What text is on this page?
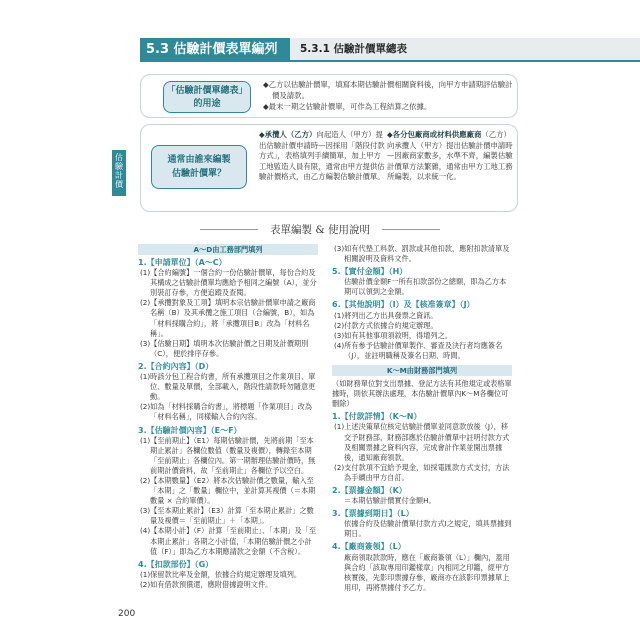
估
驗
計
價
5.3 估驗計價表單編列	5.3.1 估驗計價單總表
「估驗計價單總表」
的用途
◆乙方以估驗計價單，填寫本期估驗計價相關資料後，向甲方申請期評估驗計價及請款。
◆最末一期之估驗計價單，可作為工程結算之依據。
通常由誰來編製
估驗計價單？
◆承攬人（乙方）向起造人（甲方）提出估驗計價申請時—因採用「階段付款方式」，表格填列手續簡單，加上甲方工地監造人員有限，通常由甲方提供估驗計價格式，由乙方編製估驗計價單。
◆各分包廠商或材料供應廠商（乙方）向承攬人（甲方）提出估驗計價申請時—因廠商家數多，水準不齊，編製估驗計價單方法繁雜，通常由甲方工地工務所編製，以求統一化。
表單編製 & 使用說明
A～D由工務部門填列
1.【申請單位】（A～C）
(1)【合約編號】一個合約一份估驗計價單，每份合約及其構成之估驗計價單均應給予相同之編號（A），並分別裝訂存參，方便追蹤及查閱。
(2)【承攬對象及工項】填明本宗估驗計價單申請之廠商名稱（B）及其承攬之施工項目（合編號，B），如為「材料採購合約」，將「承攬項目B」改為「材料名稱」。
(3)【估驗日期】填明本次估驗計價之日期及計價期別（C），便於排序存參。
2.【合約內容】（D）
(1)時該分包工程合約書，所有承攬項目之作業項目、單位、數量及單價，全部載入，階段性請款時勿隨意更動。
(2)如為「材料採購合約書」，將標題「作業項目」改為「材料名稱」，同樣輸入合約內容。
3.【估驗計價內容】（E～F）
(1)【至前期止】（E1）每期估驗計價，先將前期「至本期止累計」各欄位數值（數量及複價），轉錄至本期「至前期止」各欄位內。第一期辦理估驗計價時，無前期計價資料，故「至前期止」各欄位予以空白。
(2)【本期數量】（E2）將本次估驗計價之數量，輸入至「本期」之「數量」欄位中，並計算其複價（＝本期數量 × 合約單價）。
(3)【至本期止累計】（E3）計算「至本期止累計」之數量及複價＝「至前期止」＋「本期」。
(4)【本期小計】（F）計算「至前期止」、「本期」及「至本期止累計」各期之小計值，「本期估驗計價之小計值（F）」即為乙方本期應請款之金額（不含稅）。
4.【扣款部份】（G）
(1)保留款比率及金額，依據合約規定辦理及填列。
(2)如有借款預償還，應附借據證明文件。
(3)如有代墊工料款、罰款或其他扣款，應附扣款清單及相關說明及資料文件。
5.【實付金額】（H）
估驗計價金額F一所有扣款部份之總額，即為乙方本期可以領到之金額。
6.【其他說明】（I）及【核准簽章】（J）
(1)將列出乙方出具發票之資訊。
(2)付款方式依據合約規定辦理。
(3)如有其他事項須敘明，得增列之。
(4)所有參予估驗計價單製作、審查及決行者均應簽名（J），並註明職稱及簽名日期、時間。
K～M由財務部門填列
（如財務單位對支出票據、登記方法有其他規定或表格單據時，則依其辦法處理，本估驗計價單內K～M各欄位可刪除）
1.【付款詳情】（K～N）
(1)上述決策單位核定估驗計價單並同意款放後（J），移交予財務部，財務部應於估驗計價單中註明付款方式及相關票據之資料內容，完成會計作業並開出票據後，通知廠商領款。
(2)支付款項不宜給予現金，如採電匯款方式支付，方法為手續由甲方自訂。
2.【票據金額】（K）
＝本期估驗計價實付金額H。
3.【票據到期日】（L）
依據合約及估驗計價單付款方式I之規定，填具票據到期日。
4.【廠商簽領】（L）
廠商領取款款時，應在「廠商簽領（L）」欄內，蓋用與合約「該取專用印鑑樣章」內相同之印鑑，經甲方核實後，先影印票據存參，廠商亦在該影印票據單上用印，再將票據付予乙方。
200
